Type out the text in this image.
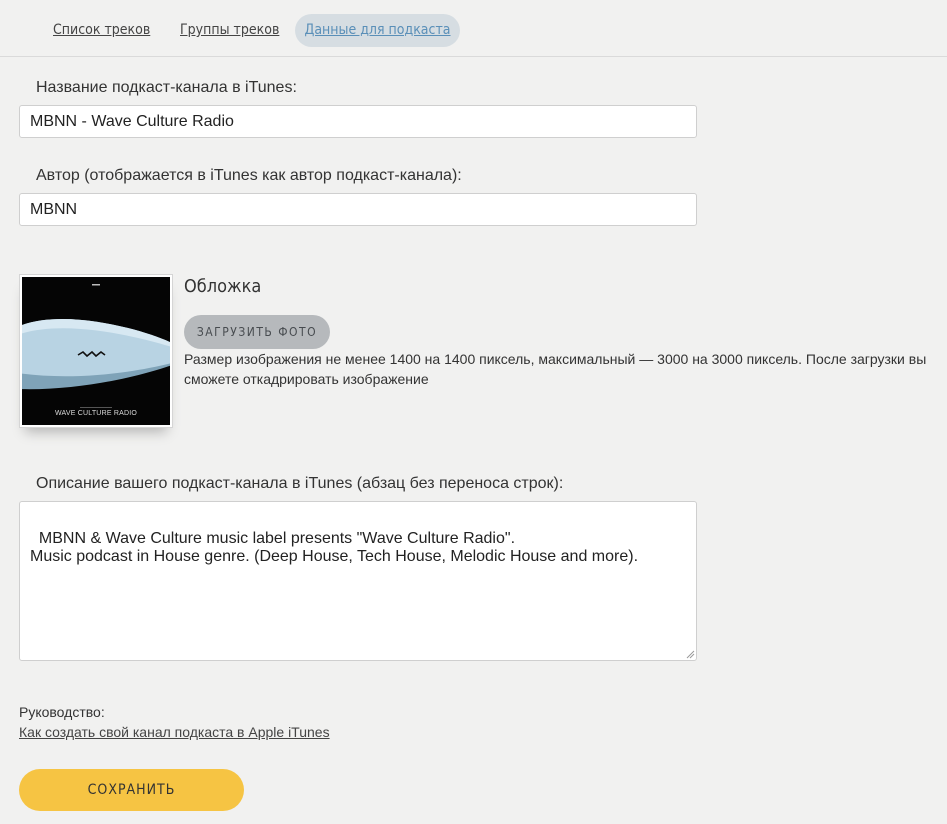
Список треков Группы треков	Данные для подкаста
Название подкаст-канала в iTunes:
MBNN - Wave Culture Radio
Автор (отображается в iTunes как автор подкаст-канала):
MBNN
WAVE CULTURE RADIO
Обложка
ЗАГРУЗИТЬ ФОТО
Размер изображения не менее 1400 на 1400 пиксель, максимальный — 3000 на 3000 пиксель. После загрузки вы сможете откадрировать изображение
Описание вашего подкаст-канала в iTunes (абзац без переноса строк):

MBNN & Wave Culture music label presents "Wave Culture Radio".
Music podcast in House genre. (Deep House, Tech House, Melodic House and more).

Руководство:
Как создать свой канал подкаста в Apple iTunes
СОХРАНИТЬ
